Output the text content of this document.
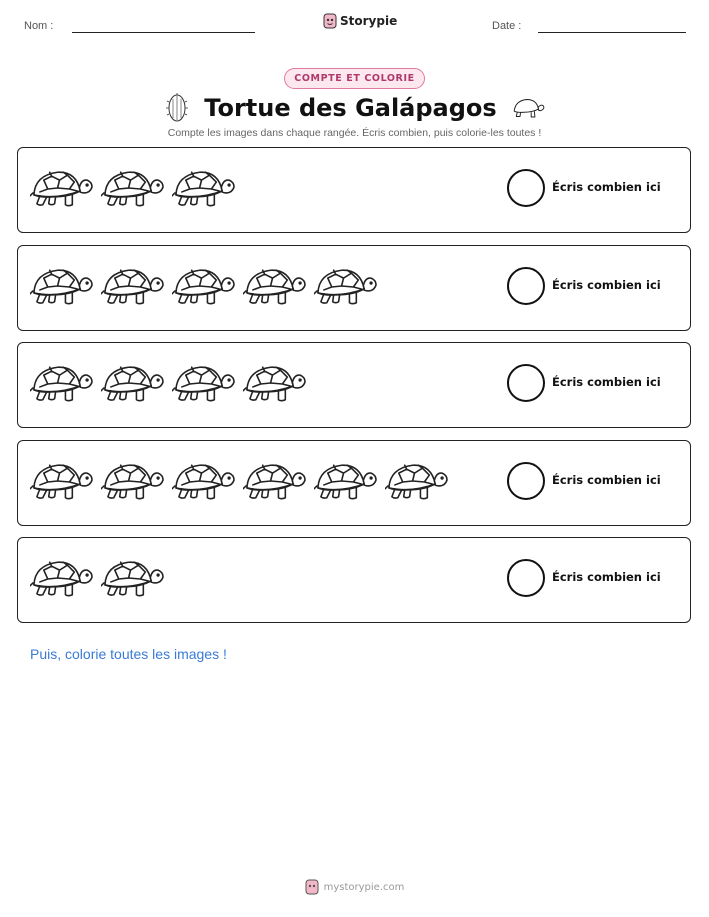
Nom :	Storypie	Date :
COMPTE ET COLORIE
Tortue des Galápagos
Compte les images dans chaque rangée. Écris combien, puis colorie-les toutes !
Écris combien ici
Écris combien ici
Écris combien ici
Écris combien ici
Écris combien ici
Puis, colorie toutes les images !
mystorypie.com
